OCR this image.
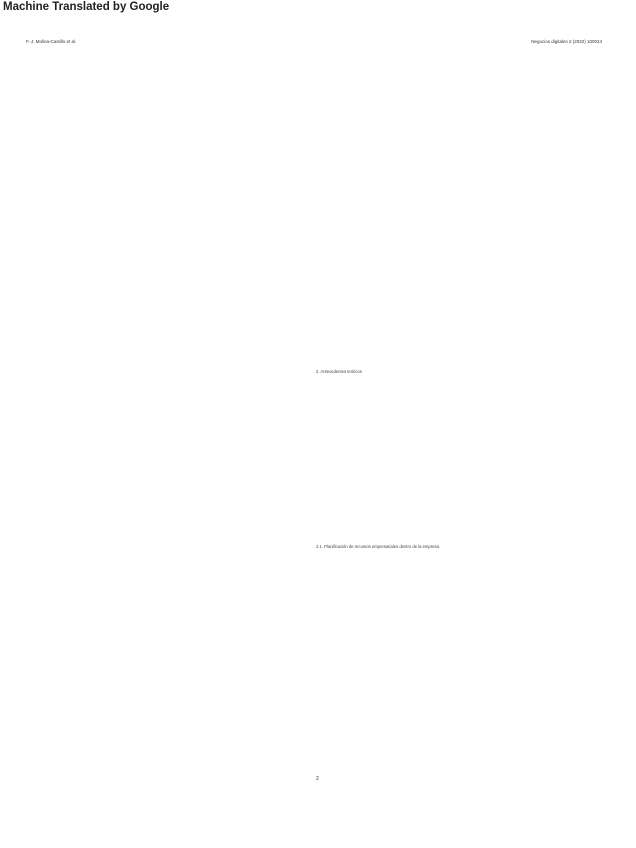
Machine Translated by Google
F.-J. Molina-Castillo et al.	Negocios digitales 2 (2022) 100024

2. Antecedentes teóricos

2.1. Planificación de recursos empresariales dentro de la empresa.

2
